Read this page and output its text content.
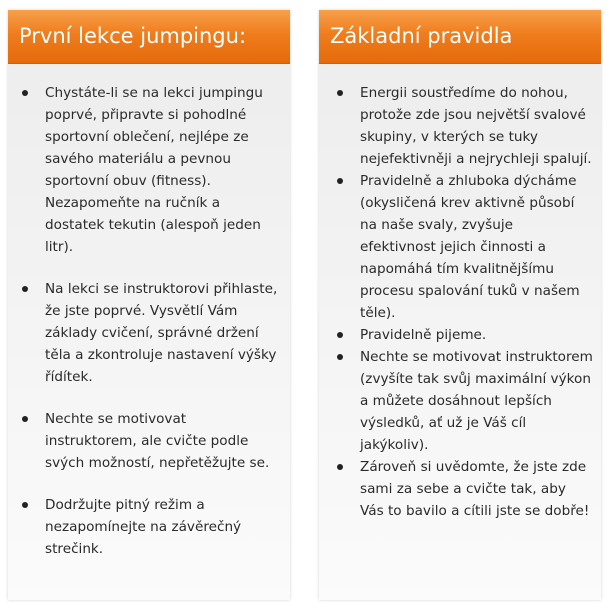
První lekce jumpingu:
Chystáte-li se na lekci jumpingu poprvé, připravte si pohodlné sportovní oblečení, nejlépe ze savého materiálu a pevnou sportovní obuv (fitness). Nezapomeňte na ručník a dostatek tekutin (alespoň jeden litr).
Na lekci se instruktorovi přihlaste, že jste poprvé. Vysvětlí Vám základy cvičení, správné držení těla a zkontroluje nastavení výšky řídítek.
Nechte se motivovat instruktorem, ale cvičte podle svých možností, nepřetěžujte se.
Dodržujte pitný režim a nezapomínejte na závěrečný strečink.
Základní pravidla
Energii soustředíme do nohou, protože zde jsou největší svalové skupiny, v kterých se tuky nejefektivněji a nejrychleji spalují.
Pravidelně a zhluboka dýcháme (okysličená krev aktivně působí na naše svaly, zvyšuje efektivnost jejich činnosti a napomáhá tím kvalitnějšímu procesu spalování tuků v našem těle).
Pravidelně pijeme.
Nechte se motivovat instruktorem (zvyšíte tak svůj maximální výkon a můžete dosáhnout lepších výsledků, ať už je Váš cíl jakýkoliv).
Zároveň si uvědomte, že jste zde sami za sebe a cvičte tak, aby Vás to bavilo a cítili jste se dobře!
